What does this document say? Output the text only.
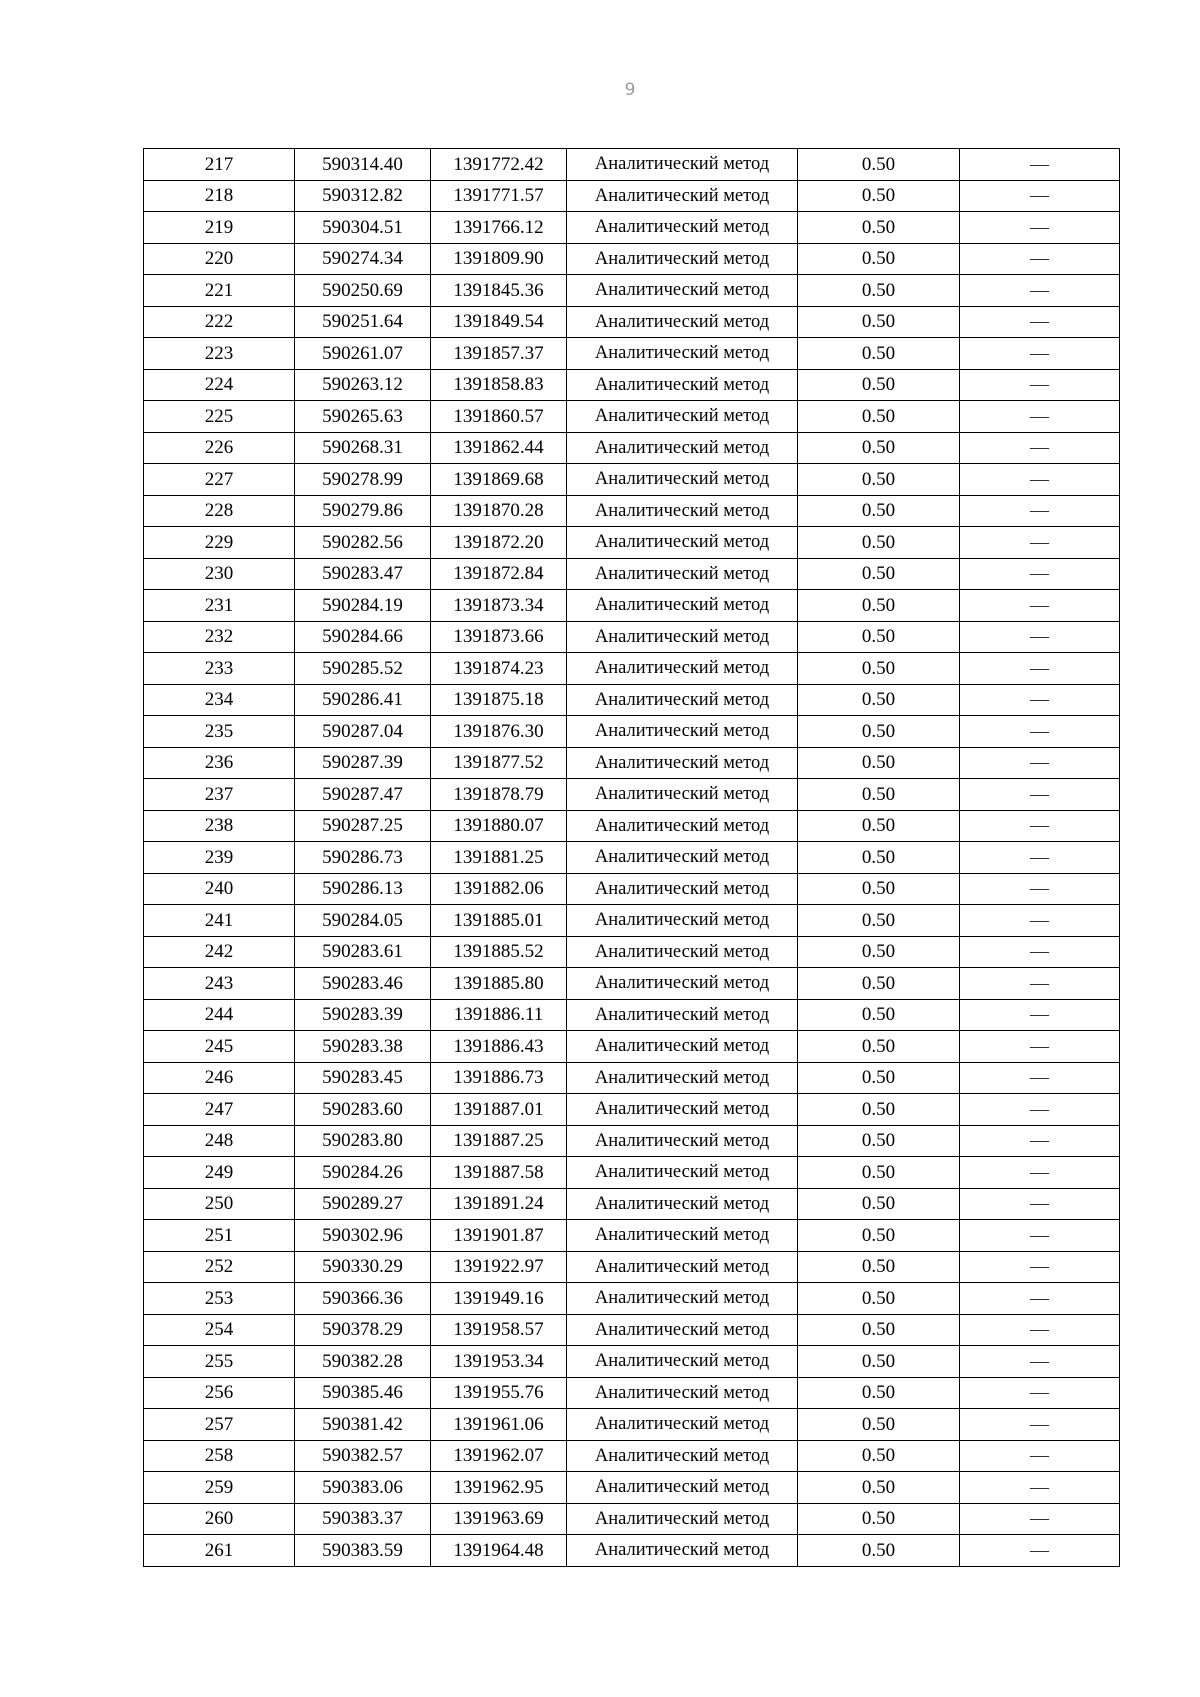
9
217	590314.40	1391772.42	Аналитический метод	0.50	—
218	590312.82	1391771.57	Аналитический метод	0.50	—
219	590304.51	1391766.12	Аналитический метод	0.50	—
220	590274.34	1391809.90	Аналитический метод	0.50	—
221	590250.69	1391845.36	Аналитический метод	0.50	—
222	590251.64	1391849.54	Аналитический метод	0.50	—
223	590261.07	1391857.37	Аналитический метод	0.50	—
224	590263.12	1391858.83	Аналитический метод	0.50	—
225	590265.63	1391860.57	Аналитический метод	0.50	—
226	590268.31	1391862.44	Аналитический метод	0.50	—
227	590278.99	1391869.68	Аналитический метод	0.50	—
228	590279.86	1391870.28	Аналитический метод	0.50	—
229	590282.56	1391872.20	Аналитический метод	0.50	—
230	590283.47	1391872.84	Аналитический метод	0.50	—
231	590284.19	1391873.34	Аналитический метод	0.50	—
232	590284.66	1391873.66	Аналитический метод	0.50	—
233	590285.52	1391874.23	Аналитический метод	0.50	—
234	590286.41	1391875.18	Аналитический метод	0.50	—
235	590287.04	1391876.30	Аналитический метод	0.50	—
236	590287.39	1391877.52	Аналитический метод	0.50	—
237	590287.47	1391878.79	Аналитический метод	0.50	—
238	590287.25	1391880.07	Аналитический метод	0.50	—
239	590286.73	1391881.25	Аналитический метод	0.50	—
240	590286.13	1391882.06	Аналитический метод	0.50	—
241	590284.05	1391885.01	Аналитический метод	0.50	—
242	590283.61	1391885.52	Аналитический метод	0.50	—
243	590283.46	1391885.80	Аналитический метод	0.50	—
244	590283.39	1391886.11	Аналитический метод	0.50	—
245	590283.38	1391886.43	Аналитический метод	0.50	—
246	590283.45	1391886.73	Аналитический метод	0.50	—
247	590283.60	1391887.01	Аналитический метод	0.50	—
248	590283.80	1391887.25	Аналитический метод	0.50	—
249	590284.26	1391887.58	Аналитический метод	0.50	—
250	590289.27	1391891.24	Аналитический метод	0.50	—
251	590302.96	1391901.87	Аналитический метод	0.50	—
252	590330.29	1391922.97	Аналитический метод	0.50	—
253	590366.36	1391949.16	Аналитический метод	0.50	—
254	590378.29	1391958.57	Аналитический метод	0.50	—
255	590382.28	1391953.34	Аналитический метод	0.50	—
256	590385.46	1391955.76	Аналитический метод	0.50	—
257	590381.42	1391961.06	Аналитический метод	0.50	—
258	590382.57	1391962.07	Аналитический метод	0.50	—
259	590383.06	1391962.95	Аналитический метод	0.50	—
260	590383.37	1391963.69	Аналитический метод	0.50	—
261	590383.59	1391964.48	Аналитический метод	0.50	—
